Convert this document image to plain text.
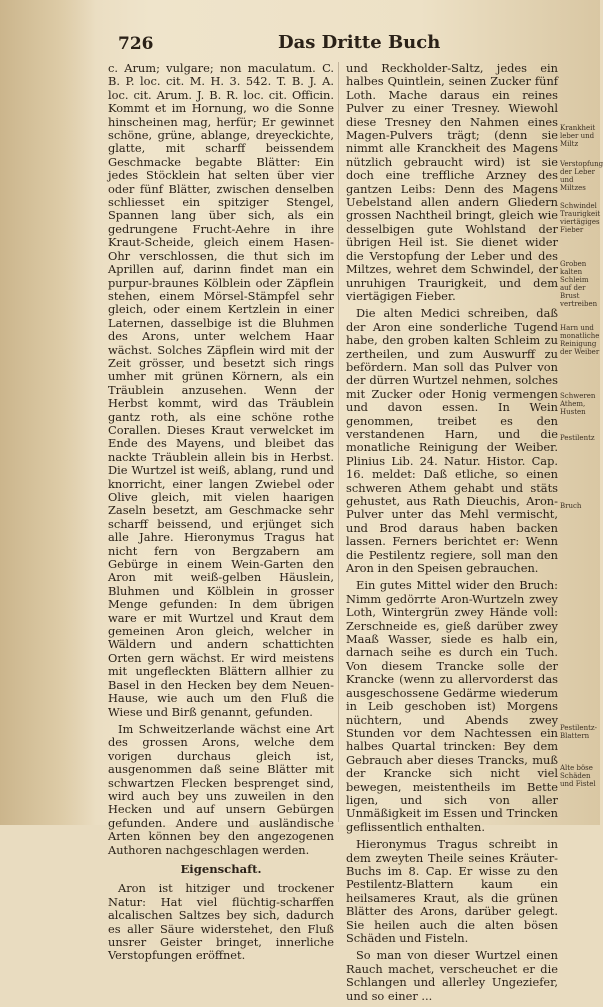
726	Das Dritte Buch

c. Arum; vulgare; non maculatum. C. B. P. loc. cit. M. H. 3. 542. T. B. J. A. loc. cit. Arum. J. B. R. loc. cit. Officin. Kommt et im Hornung, wo die Sonne hinscheinen mag, herfür; Er gewinnet schöne, grüne, ablange, dreyeckichte, glatte, mit scharff beissendem Geschmacke begabte Blätter: Ein jedes Stöcklein hat selten über vier oder fünf Blätter, zwischen denselben schliesset ein spitziger Stengel, Spannen lang über sich, als ein gedrungene Frucht-Aehre in ihre Kraut-Scheide, gleich einem Hasen-Ohr verschlossen, die thut sich im Aprillen auf, darinn findet man ein purpur-braunes Kölblein oder Zäpflein stehen, einem Mörsel-Stämpfel sehr gleich, oder einem Kertzlein in einer Laternen, dasselbige ist die Bluhmen des Arons, unter welchem Haar wächst. Solches Zäpflein wird mit der Zeit grösser, und besetzt sich rings umher mit grünen Körnern, als ein Träublein anzusehen. Wenn der Herbst kommt, wird das Träublein gantz roth, als eine schöne rothe Corallen. Dieses Kraut verwelcket im Ende des Mayens, und bleibet das nackte Träublein allein bis in Herbst. Die Wurtzel ist weiß, ablang, rund und knorricht, einer langen Zwiebel oder Olive gleich, mit vielen haarigen Zaseln besetzt, am Geschmacke sehr scharff beissend, und erjünget sich alle Jahre. Hieronymus Tragus hat nicht fern von Bergzabern am Gebürge in einem Wein-Garten den Aron mit weiß-gelben Häuslein, Bluhmen und Kölblein in grosser Menge gefunden: In dem übrigen ware er mit Wurtzel und Kraut dem gemeinen Aron gleich, welcher in Wäldern und andern schattichten Orten gern wächst. Er wird meistens mit ungefleckten Blättern allhier zu Basel in den Hecken bey dem Neuen-Hause, wie auch um den Fluß die Wiese und Birß genannt, gefunden.

Im Schweitzerlande wächst eine Art des grossen Arons, welche dem vorigen durchaus gleich ist, ausgenommen daß seine Blätter mit schwartzen Flecken besprenget sind, wird auch bey uns zuweilen in den Hecken und auf unsern Gebürgen gefunden. Andere und ausländische Arten können bey den angezogenen Authoren nachgeschlagen werden.

Eigenschaft.

Aron ist hitziger und trockener Natur: Hat viel flüchtig-scharffen alcalischen Saltzes bey sich, dadurch es aller Säure widerstehet, den Fluß unsrer Geister bringet, innerliche Verstopfungen eröffnet.

und Reckholder-Saltz, jedes ein halbes Quintlein, seinen Zucker fünf Loth. Mache daraus ein reines Pulver zu einer Tresney. Wiewohl diese Tresney den Nahmen eines Magen-Pulvers trägt; (denn sie nimmt alle Kranckheit des Magens nützlich gebraucht wird) ist sie doch eine treffliche Arzney des gantzen Leibs: Denn des Magens Uebelstand allen andern Gliedern grossen Nachtheil bringt, gleich wie desselbigen gute Wohlstand der übrigen Heil ist. Sie dienet wider die Verstopfung der Leber und des Miltzes, wehret dem Schwindel, der unruhigen Traurigkeit, und dem viertägigen Fieber.

Die alten Medici schreiben, daß der Aron eine sonderliche Tugend habe, den groben kalten Schleim zu zertheilen, und zum Auswurff zu befördern. Man soll das Pulver von der dürren Wurtzel nehmen, solches mit Zucker oder Honig vermengen und davon essen. In Wein genommen, treibet es den verstandenen Harn, und die monatliche Reinigung der Weiber. Plinius Lib. 24. Natur. Histor. Cap. 16. meldet: Daß etliche, so einen schweren Athem gehabt und stäts gehustet, aus Rath Dieuchis, Aron-Pulver unter das Mehl vermischt, und Brod daraus haben backen lassen. Ferners berichtet er: Wenn die Pestilentz regiere, soll man den Aron in den Speisen gebrauchen.

Ein gutes Mittel wider den Bruch: Nimm gedörrte Aron-Wurtzeln zwey Loth, Wintergrün zwey Hände voll: Zerschneide es, gieß darüber zwey Maaß Wasser, siede es halb ein, darnach seihe es durch ein Tuch. Von diesem Trancke solle der Krancke (wenn zu allervorderst das ausgeschossene Gedärme wiederum in Leib geschoben ist) Morgens nüchtern, und Abends zwey Stunden vor dem Nachtessen ein halbes Quartal trincken: Bey dem Gebrauch aber dieses Trancks, muß der Krancke sich nicht viel bewegen, meistentheils im Bette ligen, und sich von aller Unmäßigkeit im Essen und Trincken geflissentlich enthalten.

Hieronymus Tragus schreibt in dem zweyten Theile seines Kräuter-Buchs im 8. Cap. Er wisse zu den Pestilentz-Blattern kaum ein heilsameres Kraut, als die grünen Blätter des Arons, darüber gelegt. Sie heilen auch die alten bösen Schäden und Fisteln.

So man von dieser Wurtzel einen Rauch machet, verscheuchet er die Schlangen und allerley Ungeziefer, und so einer ...

Krankheit leber und Miltz
Verstopfung der Leber und Miltzes
Schwindel Traurigkeit viertägiges Fieber
Groben kalten Schleim auf der Brust vertreiben
Harn und monatliche Reinigung der Weiber
Schweren Athem, Husten
Pestilentz
Bruch
Pestilentz-Blattern
Alte böse Schäden und Fistel
